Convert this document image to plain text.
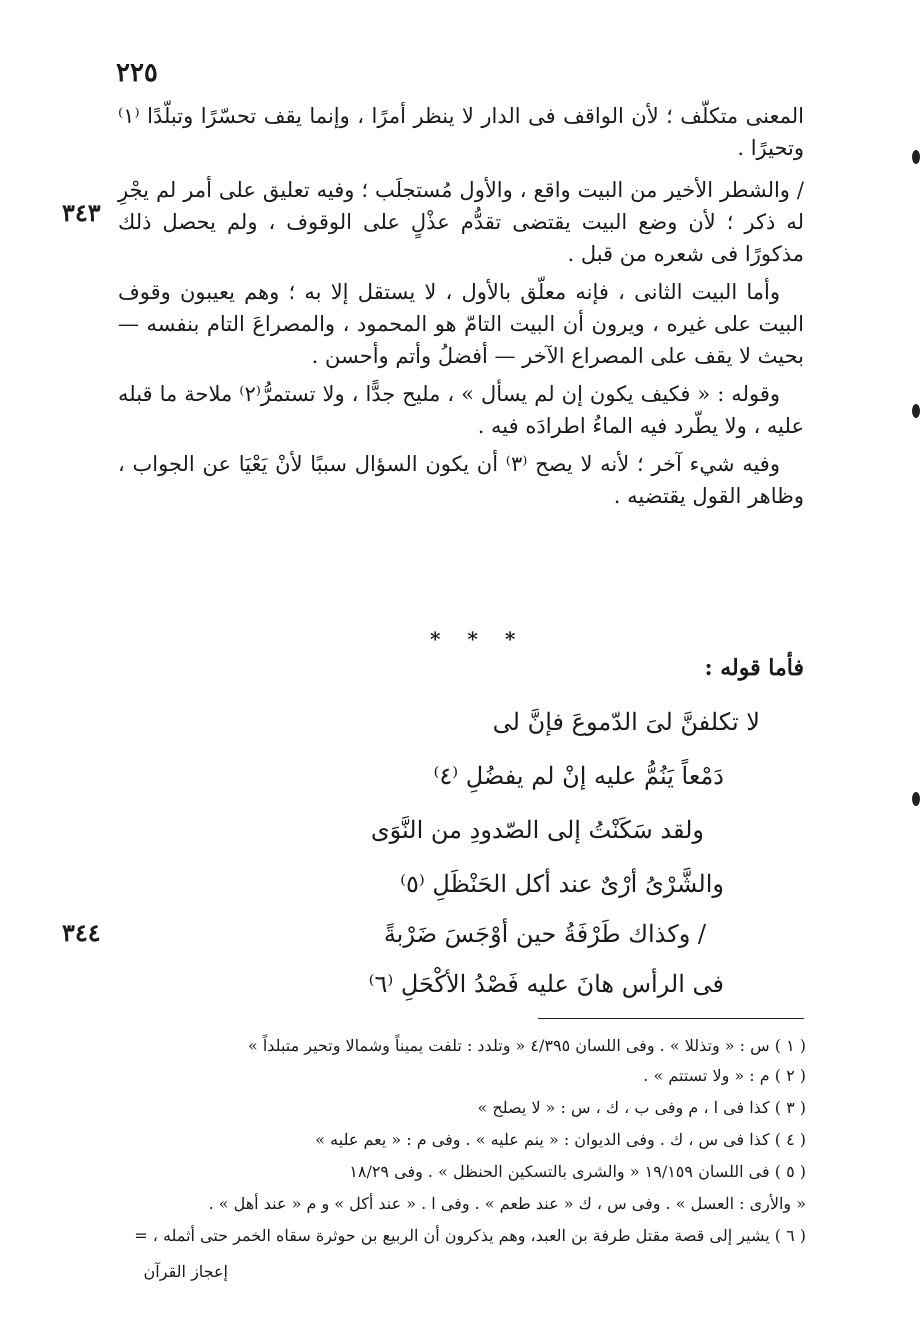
٢٢٥
٣٤٣
٣٤٤

المعنى متكلّف ؛ لأن الواقف فى الدار لا ينظر أمرًا ، وإنما يقف تحسّرًا وتبلّدًا ⁽١⁾ وتحيرًا .

/ والشطر الأخير من البيت واقع ، والأول مُستجلَب ؛ وفيه تعليق على أمر لم يجْرِ له ذكر ؛ لأن وضع البيت يقتضى تقدُّم عذْلٍ على الوقوف ، ولم يحصل ذلك مذكورًا فى شعره من قبل .

وأما البيت الثانى ، فإنه معلّق بالأول ، لا يستقل إلا به ؛ وهم يعيبون وقوف البيت على غيره ، ويرون أن البيت التامّ هو المحمود ، والمصراعَ التام بنفسه — بحيث لا يقف على المصراع الآخر — أفضلُ وأتم وأحسن .

وقوله : « فكيف يكون إن لم يسأل » ، مليح جدًّا ، ولا تستمرُّ⁽٢⁾ ملاحة ما قبله عليه ، ولا يطّرد فيه الماءُ اطرادَه فيه .

وفيه شيء آخر ؛ لأنه لا يصح ⁽٣⁾ أن يكون السؤال سببًا لأنْ يَعْيَا عن الجواب ، وظاهر القول يقتضيه .

* * *
فأما قوله :
لا تكلفنَّ لىَ الدّموعَ فإنَّ لى
دَمْعاً يَنُمُّ عليه إنْ لم يفضُلِ ⁽٤⁾
ولقد سَكَنْتُ إلى الصّدودِ من النَّوَى
والشَّرْىُ أرْىٌ عند أكل الحَنْظَلِ ⁽٥⁾
/ وكذاك طَرْفَةُ حين أوْجَسَ ضَرْبةً
فى الرأس هانَ عليه فَصْدُ الأكْحَلِ ⁽٦⁾
( ١ ) س : « وتذللا » . وفى اللسان ٤/٣٩٥ « وتلدد : تلفت يميناً وشمالا وتحير متبلداً »
( ٢ ) م : « ولا تستتم » .
( ٣ ) كذا فى ا ، م وفى ب ، ك ، س : « لا يصلح »
( ٤ ) كذا فى س ، ك . وفى الديوان : « ينم عليه » . وفى م : « يعم عليه »
( ٥ ) فى اللسان ١٩/١٥٩ « والشرى بالتسكين الحنظل » . وفى ١٨/٢٩
« والأرى : العسل » . وفى س ، ك « عند طعم » . وفى ا . « عند أكل » و م « عند أهل » .
( ٦ ) يشير إلى قصة مقتل طرفة بن العبد، وهم يذكرون أن الربيع بن حوثرة سقاه الخمر حتى أثمله ، =
إعجاز القرآن
